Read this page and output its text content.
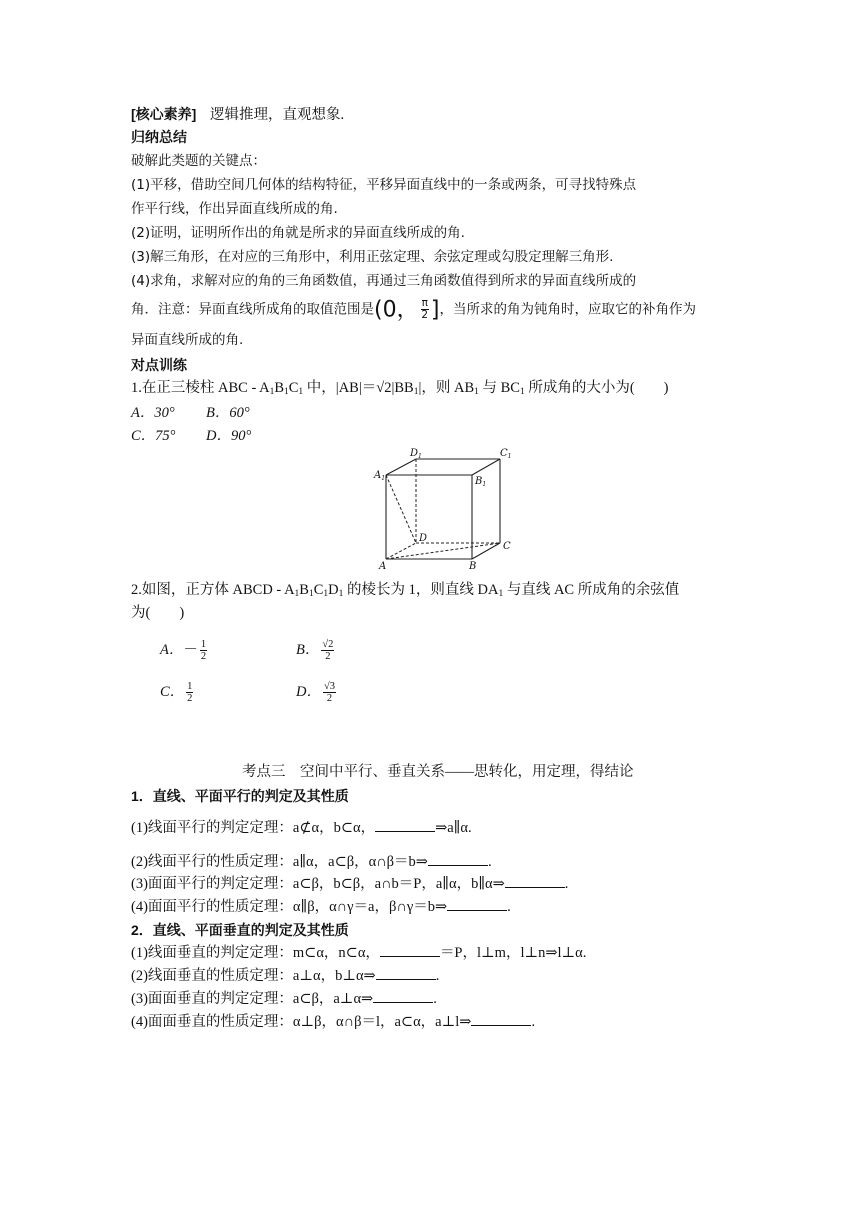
[核心素养] 逻辑推理，直观想象.
归纳总结
破解此类题的关键点：
(1)平移，借助空间几何体的结构特征，平移异面直线中的一条或两条，可寻找特殊点
作平行线，作出异面直线所成的角.
(2)证明，证明所作出的角就是所求的异面直线所成的角.
(3)解三角形，在对应的三角形中，利用正弦定理、余弦定理或勾股定理解三角形.
(4)求角，求解对应的角的三角函数值，再通过三角函数值得到所求的异面直线所成的
角．注意：异面直线所成角的取值范围是(0， $\frac{\pi}{2}$ ]，当所求的角为钝角时，应取它的补角作为
异面直线所成的角.
对点训练
1.在正三棱柱 ABC - $A_1B_1C_1$ 中，$|AB|=√2|BB_1|$，则 $AB_1$ 与 $BC_1$ 所成角的大小为(　　)
A．30° B．60°
C．75° D．90°
$D_1$	$C_1$
$A_1$	$B_1$
D
C
A	B
2.如图，正方体 ABCD - $A_1B_1C_1D_1$ 的棱长为 1，则直线 $DA_1$ 与直线 AC 所成角的余弦值
为(　　)
A．－ $\frac{1}{2}$	B． $\frac{√2}{2}$
C． $\frac{1}{2}$	D． $\frac{√3}{2}$
考点三　空间中平行、垂直关系——思转化，用定理，得结论
1．直线、平面平行的判定及其性质
(1)线面平行的判定定理：a⊄α，b⊂α，	⇒a∥α.
(2)线面平行的性质定理：a∥α，a⊂β，α∩β＝b⇒	.
(3)面面平行的判定定理：a⊂β，b⊂β，a∩b＝P，a∥α，b∥α⇒	.
(4)面面平行的性质定理：α∥β，α∩γ＝a，β∩γ＝b⇒	.
2．直线、平面垂直的判定及其性质
(1)线面垂直的判定定理：m⊂α，n⊂α，	＝P，l⊥m，l⊥n⇒l⊥α.
(2)线面垂直的性质定理：a⊥α，b⊥α⇒	.
(3)面面垂直的判定定理：a⊂β，a⊥α⇒	.
(4)面面垂直的性质定理：α⊥β，α∩β＝l，a⊂α，a⊥l⇒	.
